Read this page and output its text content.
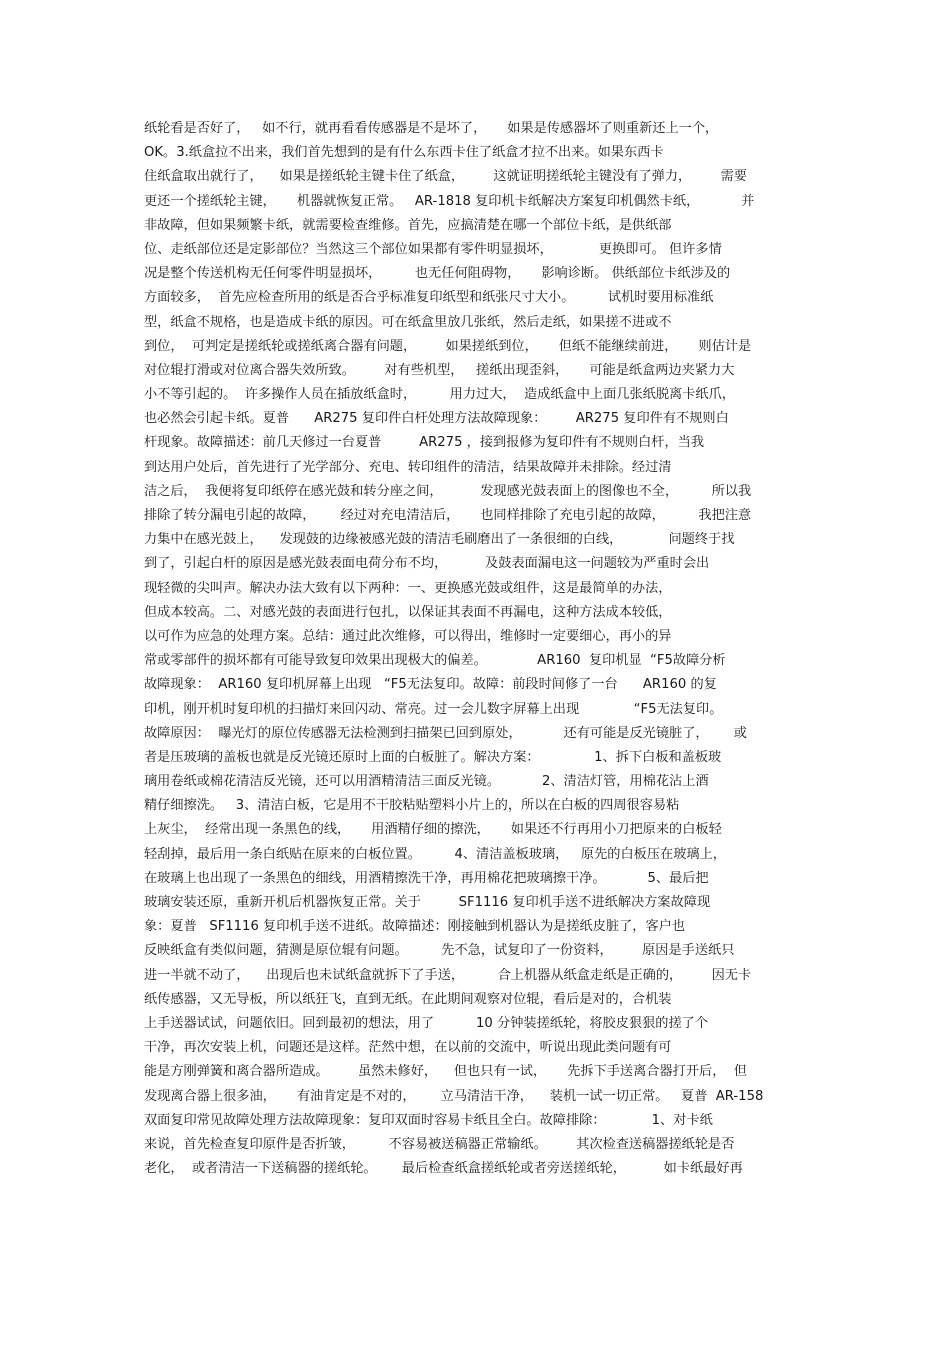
纸轮看是否好了，   如不行，就再看看传感器是不是坏了，     如果是传感器坏了则重新还上一个，
OK。3.纸盒拉不出来，我们首先想到的是有什么东西卡住了纸盒才拉不出来。如果东西卡
住纸盒取出就行了，    如果是搓纸轮主键卡住了纸盒，       这就证明搓纸轮主键没有了弹力，       需要
更还一个搓纸轮主键，     机器就恢复正常。   AR-1818 复印机卡纸解决方案复印机偶然卡纸，          并
非故障，但如果频繁卡纸，就需要检查维修。首先，应搞清楚在哪一个部位卡纸，是供纸部
位、走纸部位还是定影部位？当然这三个部位如果都有零件明显损坏，           更换即可。 但许多情
况是整个传送机构无任何零件明显损坏，        也无任何阻碍物，     影响诊断。 供纸部位卡纸涉及的
方面较多，  首先应检查所用的纸是否合乎标准复印纸型和纸张尺寸大小。        试机时要用标准纸
型，纸盒不规格，也是造成卡纸的原因。可在纸盒里放几张纸，然后走纸，如果搓不进或不
到位，  可判定是搓纸轮或搓纸离合器有问题，       如果搓纸到位，     但纸不能继续前进，     则估计是
对位辊打滑或对位离合器失效所致。       对有些机型，   搓纸出现歪斜，     可能是纸盒两边夹紧力大
小不等引起的。  许多操作人员在插放纸盒时，        用力过大，  造成纸盒中上面几张纸脱离卡纸爪，
也必然会引起卡纸。夏普      AR275 复印件白杆处理方法故障现象：       AR275 复印件有不规则白
杆现象。故障描述：前几天修过一台夏普         AR275 ，接到报修为复印件有不规则白杆，当我
到达用户处后，首先进行了光学部分、充电、转印组件的清洁，结果故障并未排除。经过清
洁之后，  我便将复印纸停在感光鼓和转分座之间，         发现感光鼓表面上的图像也不全，        所以我
排除了转分漏电引起的故障，      经过对充电清洁后，     也同样排除了充电引起的故障，        我把注意
力集中在感光鼓上，    发现鼓的边缘被感光鼓的清洁毛刷磨出了一条很细的白线，           问题终于找
到了，引起白杆的原因是感光鼓表面电荷分布不均，         及鼓表面漏电这一问题较为严重时会出
现轻微的尖叫声。解决办法大致有以下两种：一、更换感光鼓或组件，这是最简单的办法，
但成本较高。二、对感光鼓的表面进行包扎，以保证其表面不再漏电，这种方法成本较低，
以可作为应急的处理方案。总结：通过此次维修，可以得出，维修时一定要细心，再小的异
常或零部件的损坏都有可能导致复印效果出现极大的偏差。            AR160  复印机显  “F5故障分析
故障现象：  AR160 复印机屏幕上出现   “F5无法复印。故障：前段时间修了一台      AR160 的复
印机，刚开机时复印机的扫描灯来回闪动、常亮。过一会儿数字屏幕上出现             “F5无法复印。
故障原因：  曝光灯的原位传感器无法检测到扫描架已回到原处，          还有可能是反光镜脏了，      或
者是压玻璃的盖板也就是反光镜还原时上面的白板脏了。解决方案：             1、拆下白板和盖板玻
璃用卷纸或棉花清洁反光镜，还可以用酒精清洁三面反光镜。          2、清洁灯管，用棉花沾上酒
精仔细擦洗。   3、清洁白板，它是用不干胶粘贴塑料小片上的，所以在白板的四周很容易粘
上灰尘，  经常出现一条黑色的线，     用酒精仔细的擦洗，     如果还不行再用小刀把原来的白板轻
轻刮掉，最后用一条白纸贴在原来的白板位置。        4、清洁盖板玻璃，   原先的白板压在玻璃上，
在玻璃上也出现了一条黑色的细线，用酒精擦洗干净，再用棉花把玻璃擦干净。          5、最后把
玻璃安装还原，重新开机后机器恢复正常。关于         SF1116 复印机手送不进纸解决方案故障现
象：夏普   SF1116 复印机手送不进纸。故障描述：刚接触到机器认为是搓纸皮脏了，客户也
反映纸盒有类似问题，猜测是原位辊有问题。        先不急，试复印了一份资料，       原因是手送纸只
进一半就不动了，    出现后也未试纸盒就拆下了手送，        合上机器从纸盒走纸是正确的，       因无卡
纸传感器，又无导板，所以纸狂飞，直到无纸。在此期间观察对位辊，看后是对的，合机装
上手送器试试，问题依旧。回到最初的想法，用了          10 分钟装搓纸轮，将胶皮狠狠的搓了个
干净，再次安装上机，问题还是这样。茫然中想，在以前的交流中，听说出现此类问题有可
能是方刚弹簧和离合器所造成。       虽然未修好，    但也只有一试，     先拆下手送离合器打开后，  但
发现离合器上很多油，     有油肯定是不对的，      立马清洁干净，    装机一试一切正常。   夏普  AR-158
双面复印常见故障处理方法故障现象：复印双面时容易卡纸且全白。故障排除：           1、对卡纸
来说，首先检查复印原件是否折皱，        不容易被送稿器正常输纸。       其次检查送稿器搓纸轮是否
老化，  或者清洁一下送稿器的搓纸轮。      最后检查纸盒搓纸轮或者旁送搓纸轮，         如卡纸最好再
